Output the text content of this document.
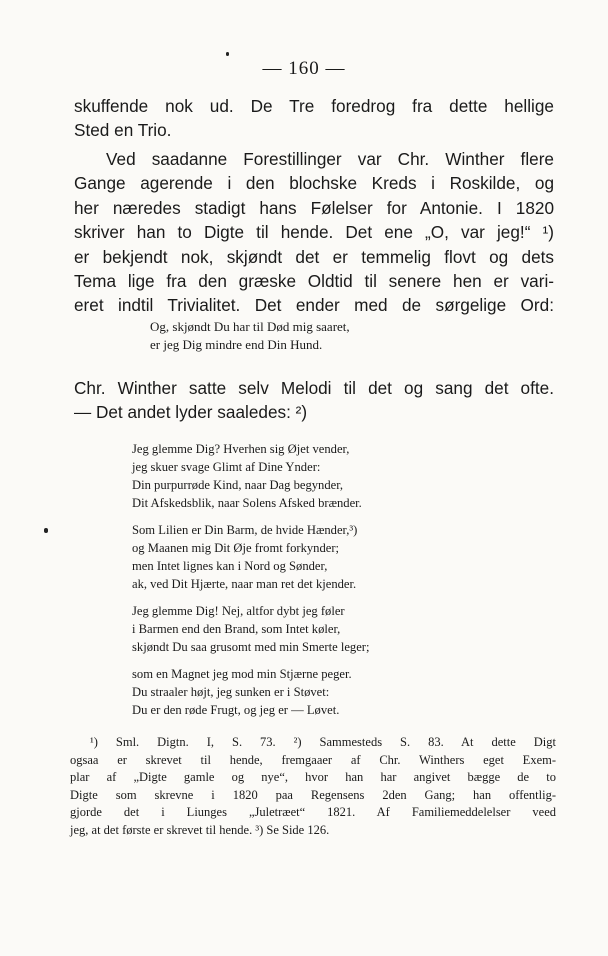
— 160 —

skuffende nok ud. De Tre foredrog fra dette hellige

Sted en Trio.

Ved saadanne Forestillinger var Chr. Winther flere

Gange agerende i den blochske Kreds i Roskilde, og

her næredes stadigt hans Følelser for Antonie. I 1820

skriver han to Digte til hende. Det ene „O, var jeg!“ ¹)

er bekjendt nok, skjøndt det er temmelig flovt og dets

Tema lige fra den græske Oldtid til senere hen er vari-

eret indtil Trivialitet. Det ender med de sørgelige Ord:

Og, skjøndt Du har til Død mig saaret,
er jeg Dig mindre end Din Hund.

Chr. Winther satte selv Melodi til det og sang det ofte.

— Det andet lyder saaledes: ²)

Jeg glemme Dig? Hverhen sig Øjet vender,
jeg skuer svage Glimt af Dine Ynder:
Din purpurrøde Kind, naar Dag begynder,
Dit Afskedsblik, naar Solens Afsked brænder.
Som Lilien er Din Barm, de hvide Hænder,³)
og Maanen mig Dit Øje fromt forkynder;
men Intet lignes kan i Nord og Sønder,
ak, ved Dit Hjærte, naar man ret det kjender.
Jeg glemme Dig! Nej, altfor dybt jeg føler
i Barmen end den Brand, som Intet køler,
skjøndt Du saa grusomt med min Smerte leger;
som en Magnet jeg mod min Stjærne peger.
Du straaler højt, jeg sunken er i Støvet:
Du er den røde Frugt, og jeg er — Løvet.

¹) Sml. Digtn. I, S. 73. ²) Sammesteds S. 83. At dette Digt

ogsaa er skrevet til hende, fremgaaer af Chr. Winthers eget Exem-

plar af „Digte gamle og nye“, hvor han har angivet bægge de to

Digte som skrevne i 1820 paa Regensens 2den Gang; han offentlig-

gjorde det i Liunges „Juletræet“ 1821. Af Familiemeddelelser veed

jeg, at det første er skrevet til hende. ³) Se Side 126.
